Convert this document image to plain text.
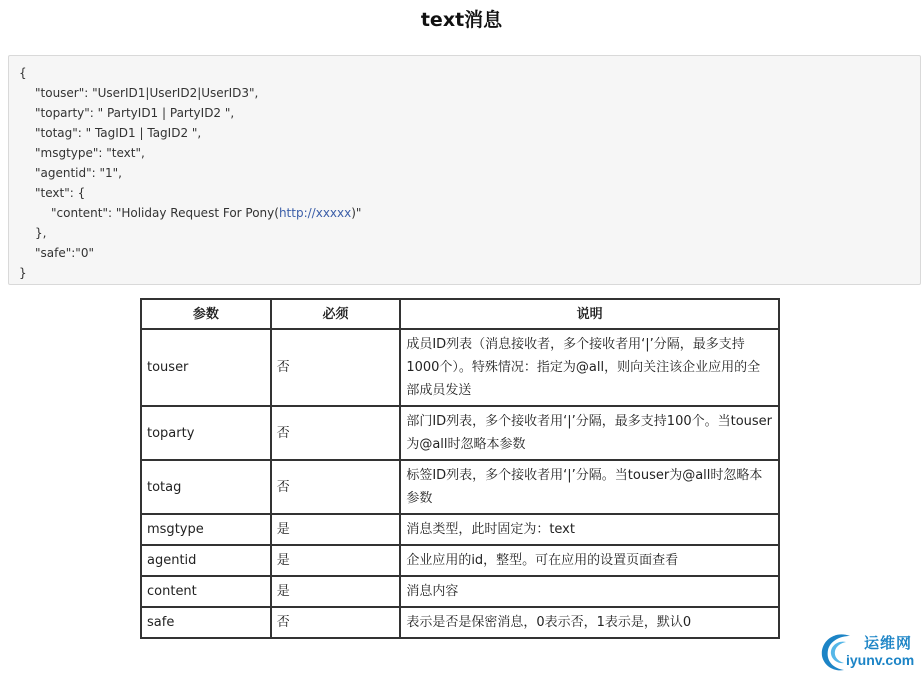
text消息
{
"touser": "UserID1|UserID2|UserID3",
"toparty": " PartyID1 | PartyID2 ",
"totag": " TagID1 | TagID2 ",
"msgtype": "text",
"agentid": "1",
"text": {
"content": "Holiday Request For Pony(http://xxxxx)"
},
"safe":"0"
}
参数	必须	说明
touser	否	成员ID列表（消息接收者，多个接收者用‘|’分隔，最多支持1000个）。特殊情况：指定为@all，则向关注该企业应用的全部成员发送
toparty	否	部门ID列表，多个接收者用‘|’分隔，最多支持100个。当touser为@all时忽略本参数
totag	否	标签ID列表，多个接收者用‘|’分隔。当touser为@all时忽略本参数
msgtype	是	消息类型，此时固定为：text
agentid	是	企业应用的id，整型。可在应用的设置页面查看
content	是	消息内容
safe	否	表示是否是保密消息，0表示否，1表示是，默认0
运维网
iyunv.com
